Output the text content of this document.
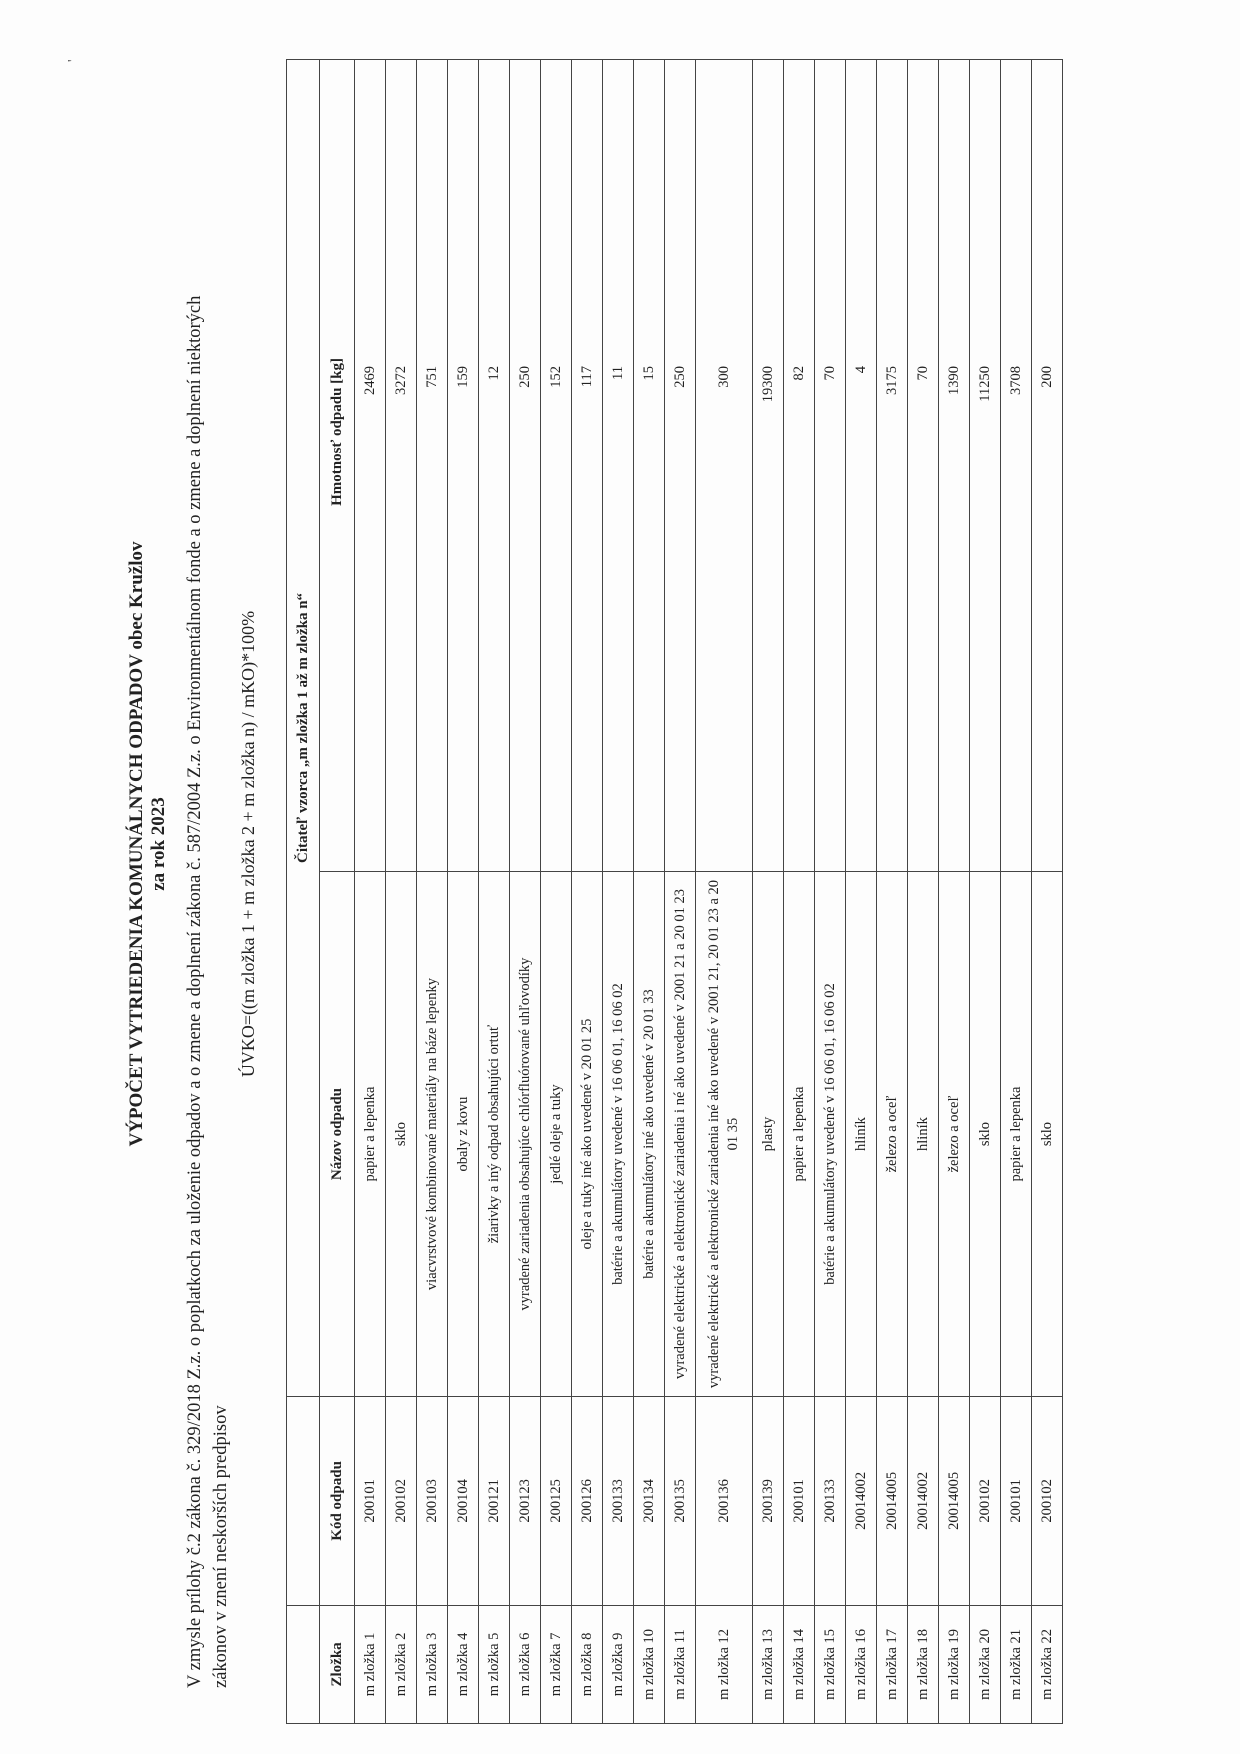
'
VÝPOČET VYTRIEDENIA KOMUNÁLNYCH ODPADOV obec Kružlov za rok 2023 V zmysle prílohy č.2 zákona č. 329/2018 Z.z. o poplatkoch za uloženie odpadov a o zmene a doplnení zákona č. 587/2004 Z.z. o Environmentálnom fonde a o zmene a doplnení niektorých zákonov v znení neskorších predpisov
ÚVKO=((m zložka 1 + m zložka 2 + m zložka n) / mKO)*100%
		Čitateľ vzorca „m zložka 1 až m zložka n“	
Zložka	Kód odpadu	Názov odpadu	Hmotnosť odpadu [kg]
m zložka 1	200101	papier a lepenka	2469
m zložka 2	200102	sklo	3272
m zložka 3	200103	viacvrstvové kombinované materiály na báze lepenky	751
m zložka 4	200104	obaly z kovu	159
m zložka 5	200121	žiarivky a iný odpad obsahujúci ortuť	12
m zložka 6	200123	vyradené zariadenia obsahujúce chlórfluórované uhľovodíky	250
m zložka 7	200125	jedlé oleje a tuky	152
m zložka 8	200126	oleje a tuky iné ako uvedené v 20 01 25	117
m zložka 9	200133	batérie a akumulátory uvedené v 16 06 01, 16 06 02	11
m zložka 10	200134	batérie a akumulátory iné ako uvedené v 20 01 33	15
m zložka 11	200135	vyradené elektrické a elektronické zariadenia i né ako uvedené v 2001 21 a 20 01 23	250
m zložka 12	200136	vyradené elektrické a elektronické zariadenia iné ako uvedené v 2001 21, 20 01 23 a 20 01 35	300
m zložka 13	200139	plasty	19300
m zložka 14	200101	papier a lepenka	82
m zložka 15	200133	batérie a akumulátory uvedené v 16 06 01, 16 06 02	70
m zložka 16	20014002	hliník	4
m zložka 17	20014005	železo a oceľ	3175
m zložka 18	20014002	hliník	70
m zložka 19	20014005	železo a oceľ	1390
m zložka 20	200102	sklo	11250
m zložka 21	200101	papier a lepenka	3708
m zložka 22	200102	sklo	200
